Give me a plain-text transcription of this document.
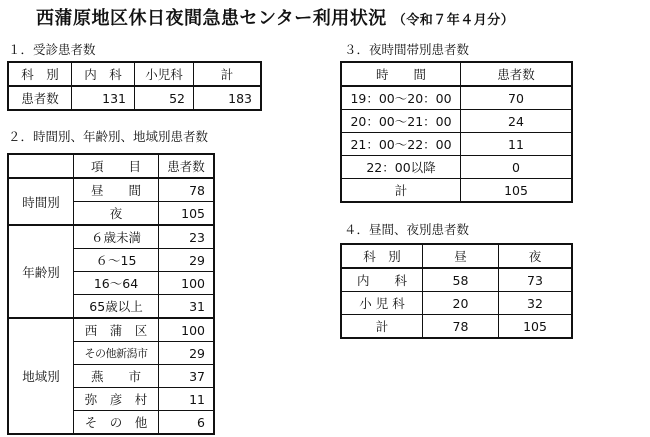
西蒲原地区休日夜間急患センター利用状況 （令和７年４月分）
１．受診患者数
科　別	内　科	小児科	計
患者数	131	52	183
２．時間別、年齢別、地域別患者数
	項　　目	患者数
時間別	昼　　間	78
	夜	105
年齢別	６歳未満	23
	６～15	29
	16～64	100
	65歳以上	31
地域別	西　蒲　区	100
	その他新潟市	29
	燕　　市	37
	弥　彦　村	11
	そ　の　他	6
３．夜時間帯別患者数
時　　間	患者数
19：00～20：00	70
20：00～21：00	24
21：00～22：00	11
22：00以降	0
計	105
４．昼間、夜別患者数
科　別	昼	夜
内　　科	58	73
小 児 科	20	32
計	78	105
